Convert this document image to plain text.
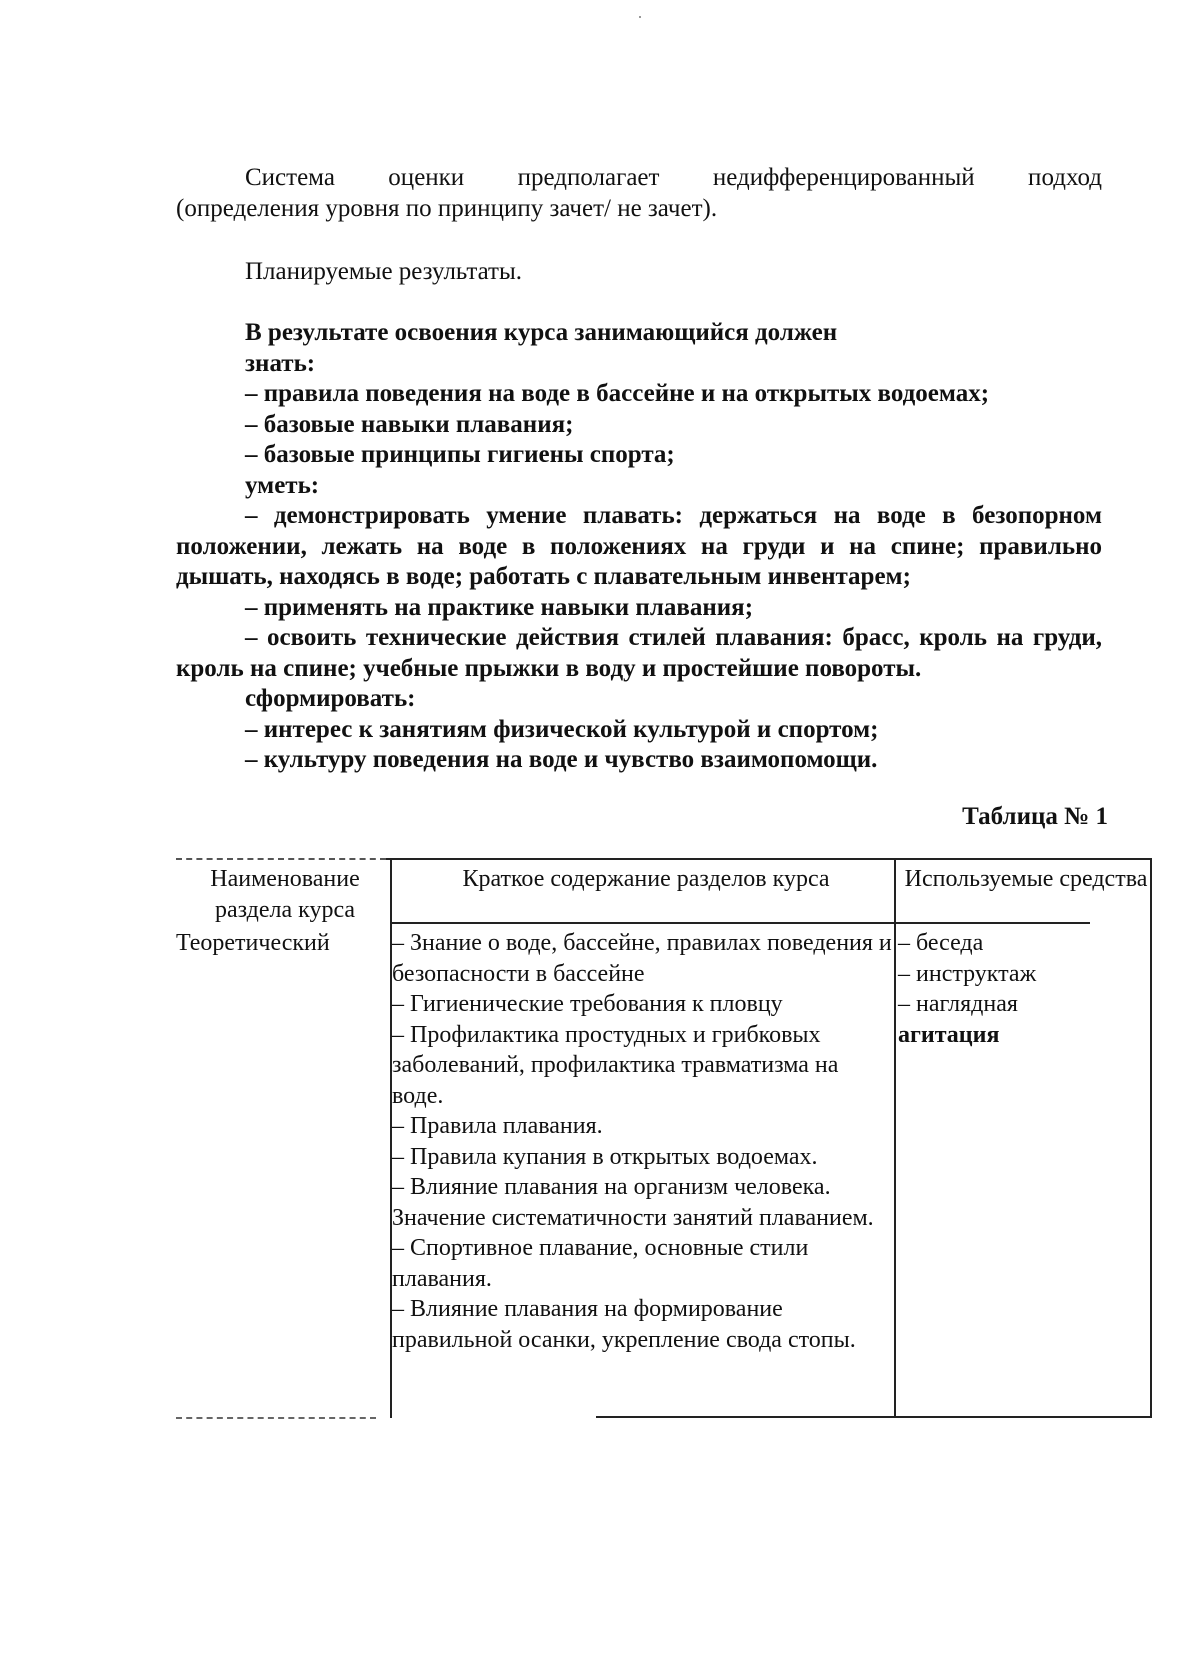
Система оценки предполагает недифференцированный подход
(определения уровня по принципу зачет/ не зачет).
Планируемые результаты.
В результате освоения курса занимающийся должен
знать:
– правила поведения на воде в бассейне и на открытых водоемах;
– базовые навыки плавания;
– базовые принципы гигиены спорта;
уметь:
– демонстрировать умение плавать: держаться на воде в безопорном положении, лежать на воде в положениях на груди и на спине; правильно дышать, находясь в воде; работать с плавательным инвентарем;
– применять на практике навыки плавания;
– освоить технические действия стилей плавания: брасс, кроль на груди, кроль на спине; учебные прыжки в воду и простейшие повороты.
сформировать:
– интерес к занятиям физической культурой и спортом;
– культуру поведения на воде и чувство взаимопомощи.
Таблица № 1
Наименование раздела курса
Краткое содержание разделов курса	Используемые средства
Теоретический	– Знание о воде, бассейне, правилах поведения и безопасности в бассейне
– Гигиенические требования к пловцу
– Профилактика простудных и грибковых заболеваний, профилактика травматизма на воде.
– Правила плавания.
– Правила купания в открытых водоемах.
– Влияние плавания на организм человека. Значение систематичности занятий плаванием.
– Спортивное плавание, основные стили плавания.
– Влияние плавания на формирование правильной осанки, укрепление свода стопы.
– беседа
– инструктаж
– наглядная
агитация
